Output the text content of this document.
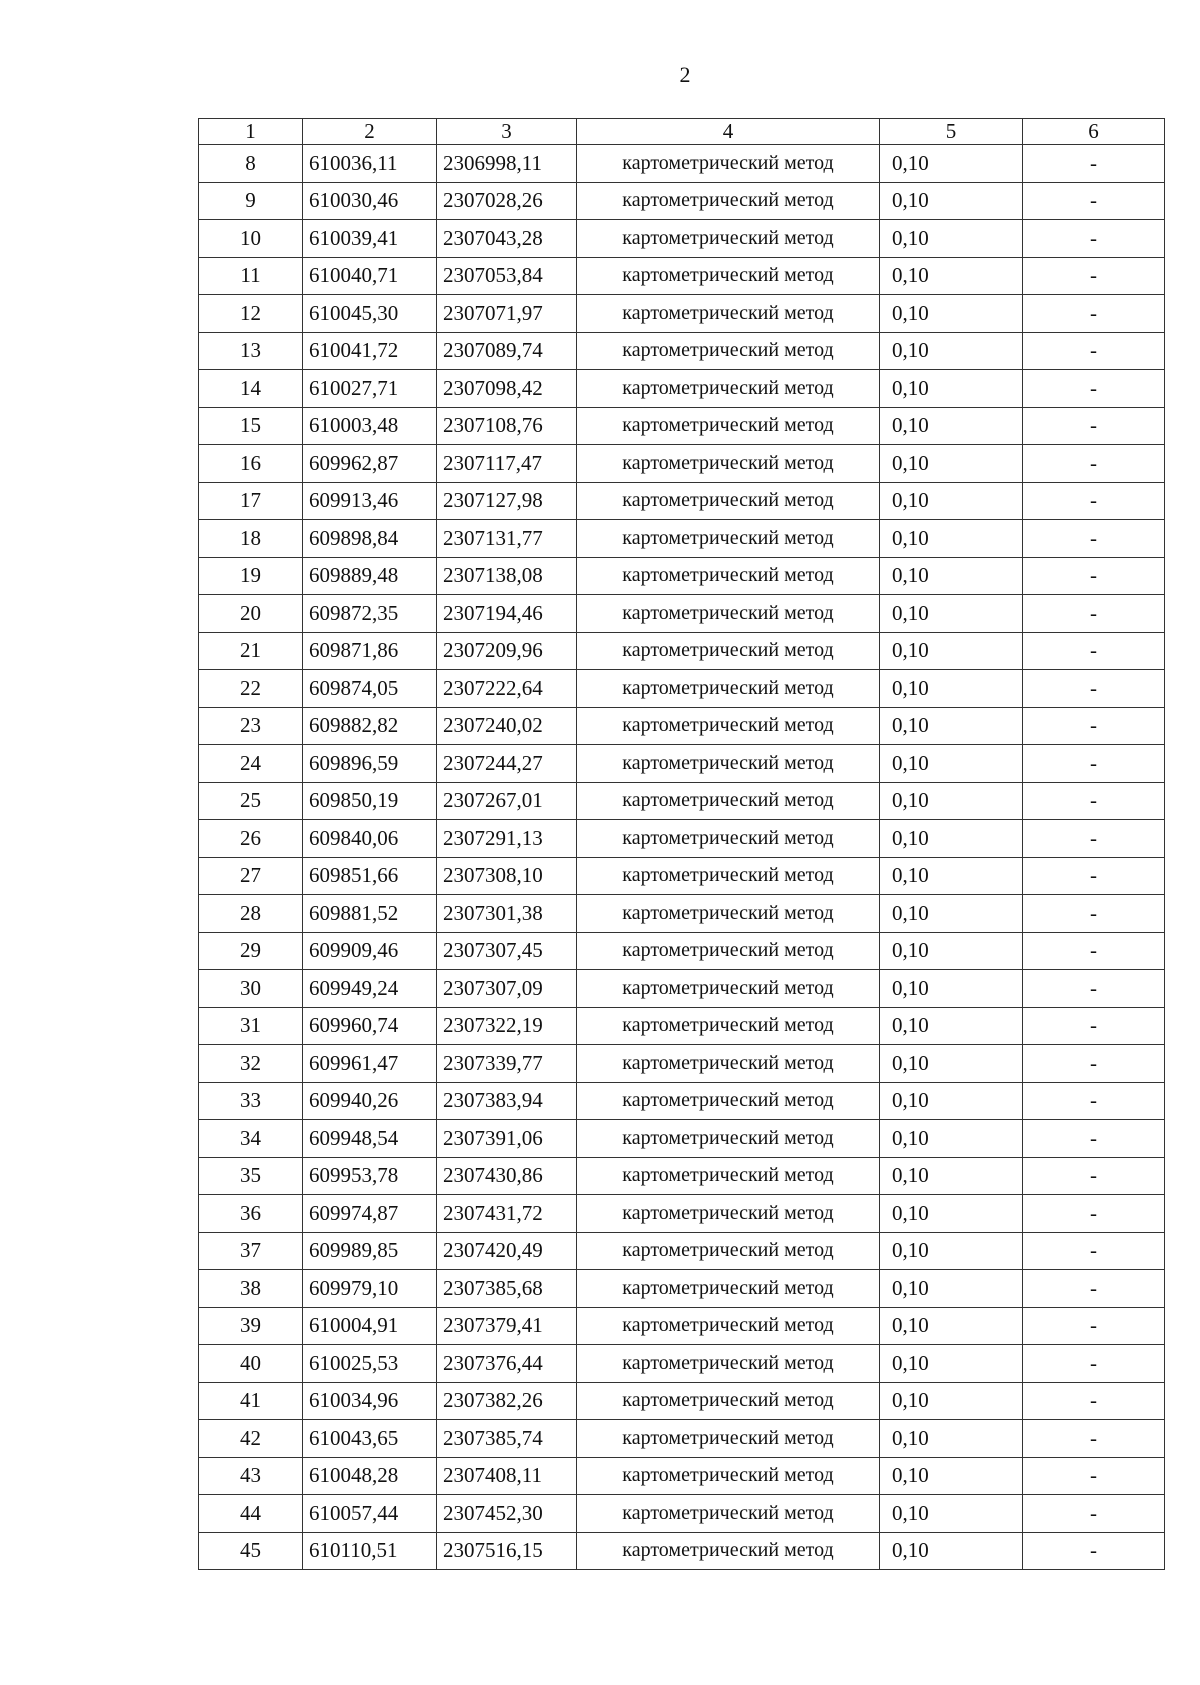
2
1	2	3	4	5	6
8	610036,11	2306998,11	картометрический метод	0,10	-
9	610030,46	2307028,26	картометрический метод	0,10	-
10	610039,41	2307043,28	картометрический метод	0,10	-
11	610040,71	2307053,84	картометрический метод	0,10	-
12	610045,30	2307071,97	картометрический метод	0,10	-
13	610041,72	2307089,74	картометрический метод	0,10	-
14	610027,71	2307098,42	картометрический метод	0,10	-
15	610003,48	2307108,76	картометрический метод	0,10	-
16	609962,87	2307117,47	картометрический метод	0,10	-
17	609913,46	2307127,98	картометрический метод	0,10	-
18	609898,84	2307131,77	картометрический метод	0,10	-
19	609889,48	2307138,08	картометрический метод	0,10	-
20	609872,35	2307194,46	картометрический метод	0,10	-
21	609871,86	2307209,96	картометрический метод	0,10	-
22	609874,05	2307222,64	картометрический метод	0,10	-
23	609882,82	2307240,02	картометрический метод	0,10	-
24	609896,59	2307244,27	картометрический метод	0,10	-
25	609850,19	2307267,01	картометрический метод	0,10	-
26	609840,06	2307291,13	картометрический метод	0,10	-
27	609851,66	2307308,10	картометрический метод	0,10	-
28	609881,52	2307301,38	картометрический метод	0,10	-
29	609909,46	2307307,45	картометрический метод	0,10	-
30	609949,24	2307307,09	картометрический метод	0,10	-
31	609960,74	2307322,19	картометрический метод	0,10	-
32	609961,47	2307339,77	картометрический метод	0,10	-
33	609940,26	2307383,94	картометрический метод	0,10	-
34	609948,54	2307391,06	картометрический метод	0,10	-
35	609953,78	2307430,86	картометрический метод	0,10	-
36	609974,87	2307431,72	картометрический метод	0,10	-
37	609989,85	2307420,49	картометрический метод	0,10	-
38	609979,10	2307385,68	картометрический метод	0,10	-
39	610004,91	2307379,41	картометрический метод	0,10	-
40	610025,53	2307376,44	картометрический метод	0,10	-
41	610034,96	2307382,26	картометрический метод	0,10	-
42	610043,65	2307385,74	картометрический метод	0,10	-
43	610048,28	2307408,11	картометрический метод	0,10	-
44	610057,44	2307452,30	картометрический метод	0,10	-
45	610110,51	2307516,15	картометрический метод	0,10	-
